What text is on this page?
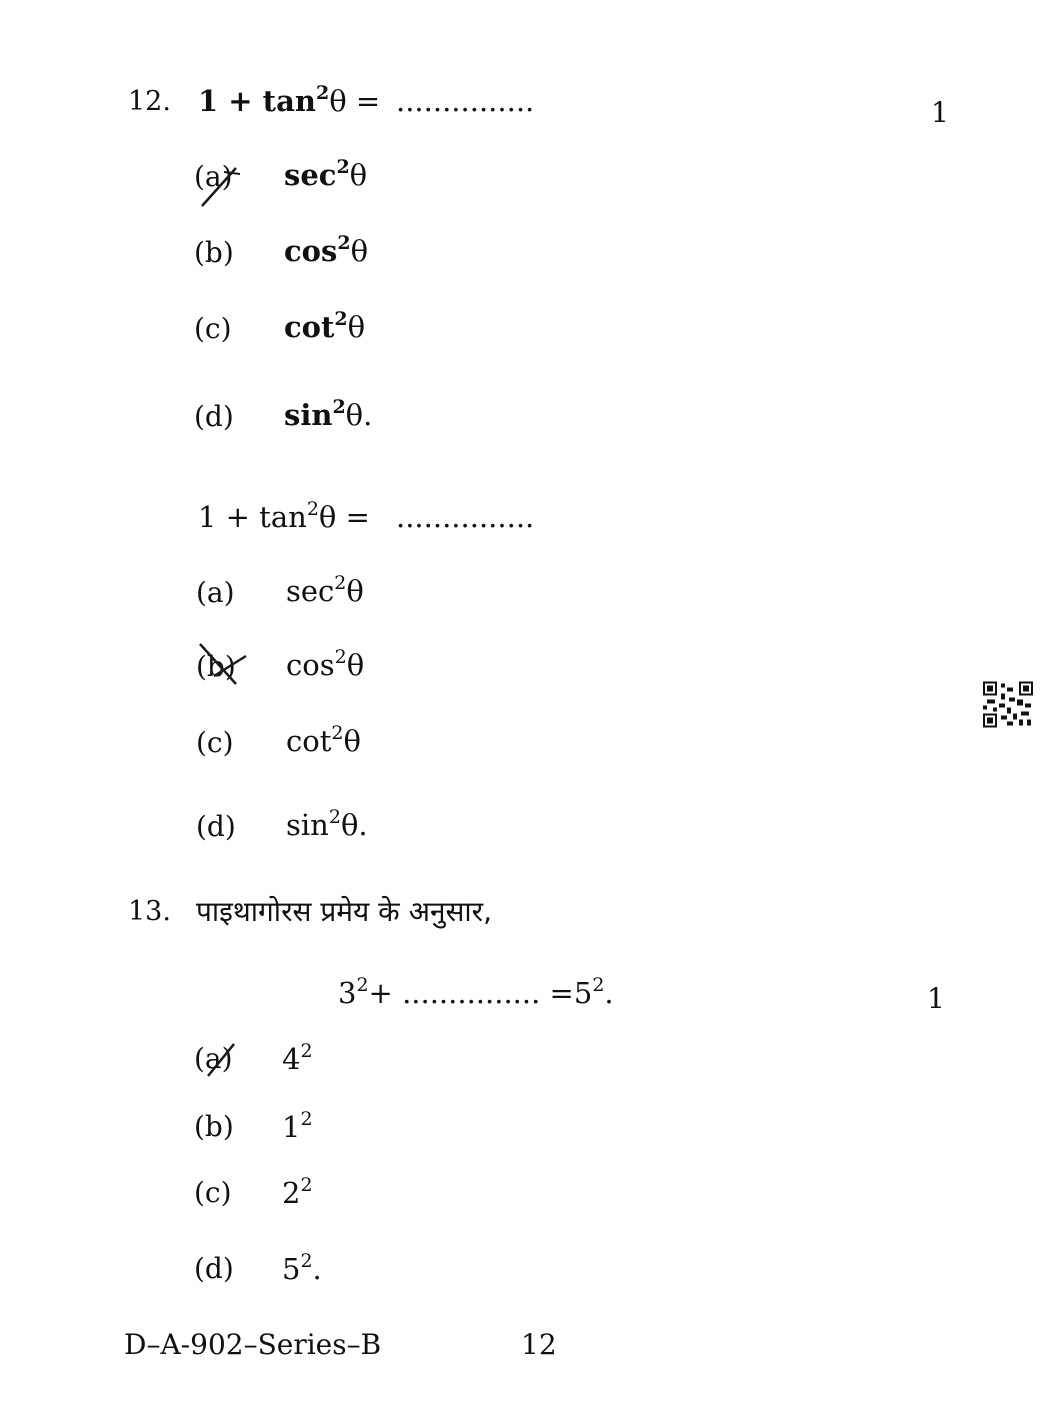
12. $1 + \tan^2\theta$ = ...............	1
(a) $\sec^2\theta$
(b) $\cos^2\theta$
(c) $\cot^2\theta$
(d) $\sin^2\theta$.
$1 + \tan^2\theta$ = ...............
(a) $\sec^2\theta$
(b) $\cos^2\theta$
(c) $\cot^2\theta$
(d) $\sin^2\theta$.
13. पाइथागोरस प्रमेय के अनुसार,
$3^2+$ ............... $=5^2$.	1
(a) $4^2$
(b) $1^2$
(c) $2^2$
(d) $5^2$.
D–A-902–Series–B	12
